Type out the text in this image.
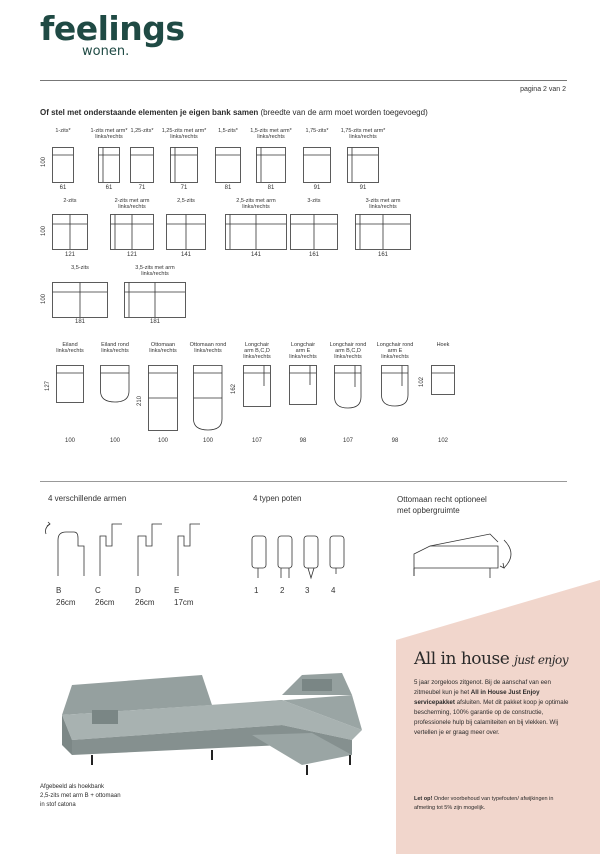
feelings
wonen.
pagina 2 van 2
Of stel met onderstaande elementen je eigen bank samen (breedte van de arm moet worden toegevoegd)
100
100
100
4 verschillende armen
B
26cm
C
26cm
D
26cm
E
17cm
4 typen poten
1	2	3	4
Ottomaan recht optioneel
met opbergruimte
All in house just enjoy
5 jaar zorgeloos zitgenot. Bij de aanschaf van een zitmeubel kun je het All in House Just Enjoy servicepakket afsluiten. Met dit pakket koop je optimale bescherming, 100% garantie op de constructie, professionele hulp bij calamiteiten en bij vlekken. Wij vertellen je er graag meer over.
Let op! Onder voorbehoud van typefouten/ afwijkingen in afmeting tot 5% zijn mogelijk.
Afgebeeld als hoekbank
2,5-zits met arm B + ottomaan
in stof catona
1-zits*
61
1-zits met arm*
links/rechts
61
1,25-zits*
71
1,25-zits met arm*
links/rechts
71
1,5-zits*
81
1,5-zits met arm*
links/rechts
81
1,75-zits*
91
1,75-zits met arm*
links/rechts
91
2-zits
121
2-zits met arm
links/rechts
121
2,5-zits
141
2,5-zits met arm
links/rechts
141
3-zits
161
3-zits met arm
links/rechts
161
3,5-zits
181
3,5-zits met arm
links/rechts
181
Eiland
links/rechts
100
Eiland rond
links/rechts
100
Ottomaan
links/rechts
100
Ottomaan rond
links/rechts
100
Longchair
arm B,C,D
links/rechts
107
Longchair
arm E
links/rechts
98
Longchair rond
arm B,C,D
links/rechts
107
Longchair rond
arm E
links/rechts
98
Hoek
102
127
210
162
102
